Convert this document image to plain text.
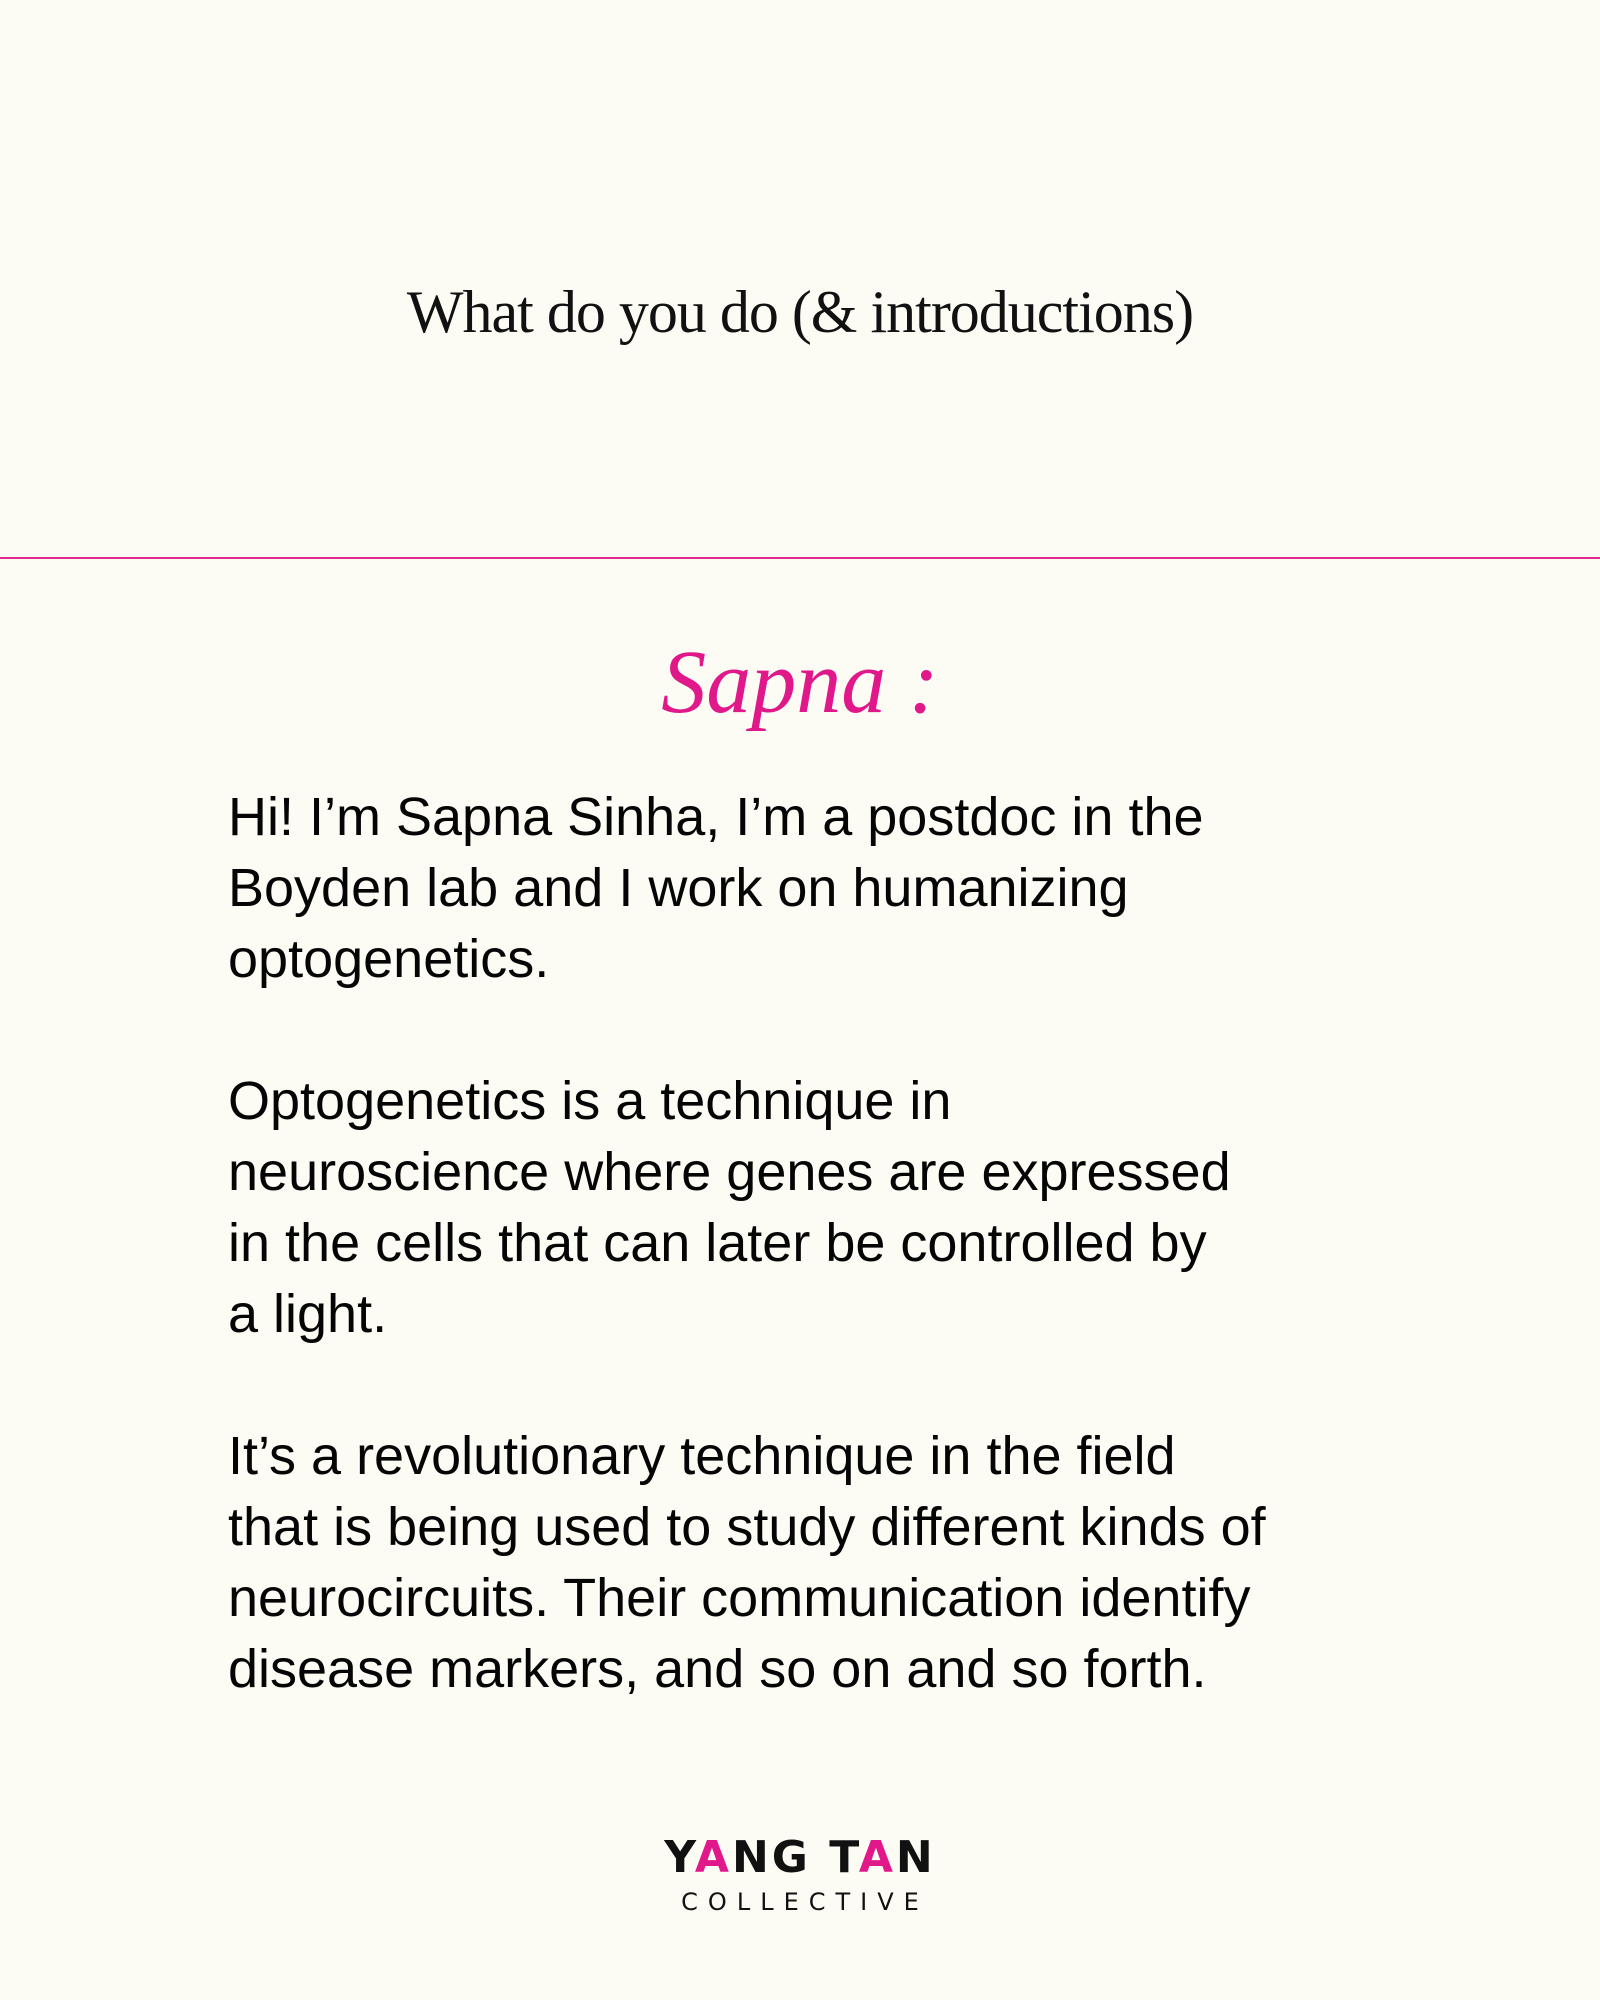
What do you do (& introductions)
Sapna :

Hi! I’m Sapna Sinha, I’m a postdoc in the
Boyden lab and I work on humanizing
optogenetics.

Optogenetics is a technique in
neuroscience where genes are expressed
in the cells that can later be controlled by
a light.

It’s a revolutionary technique in the field
that is being used to study different kinds of
neurocircuits. Their communication identify
disease markers, and so on and so forth.

YANG TAN
COLLECTIVE
